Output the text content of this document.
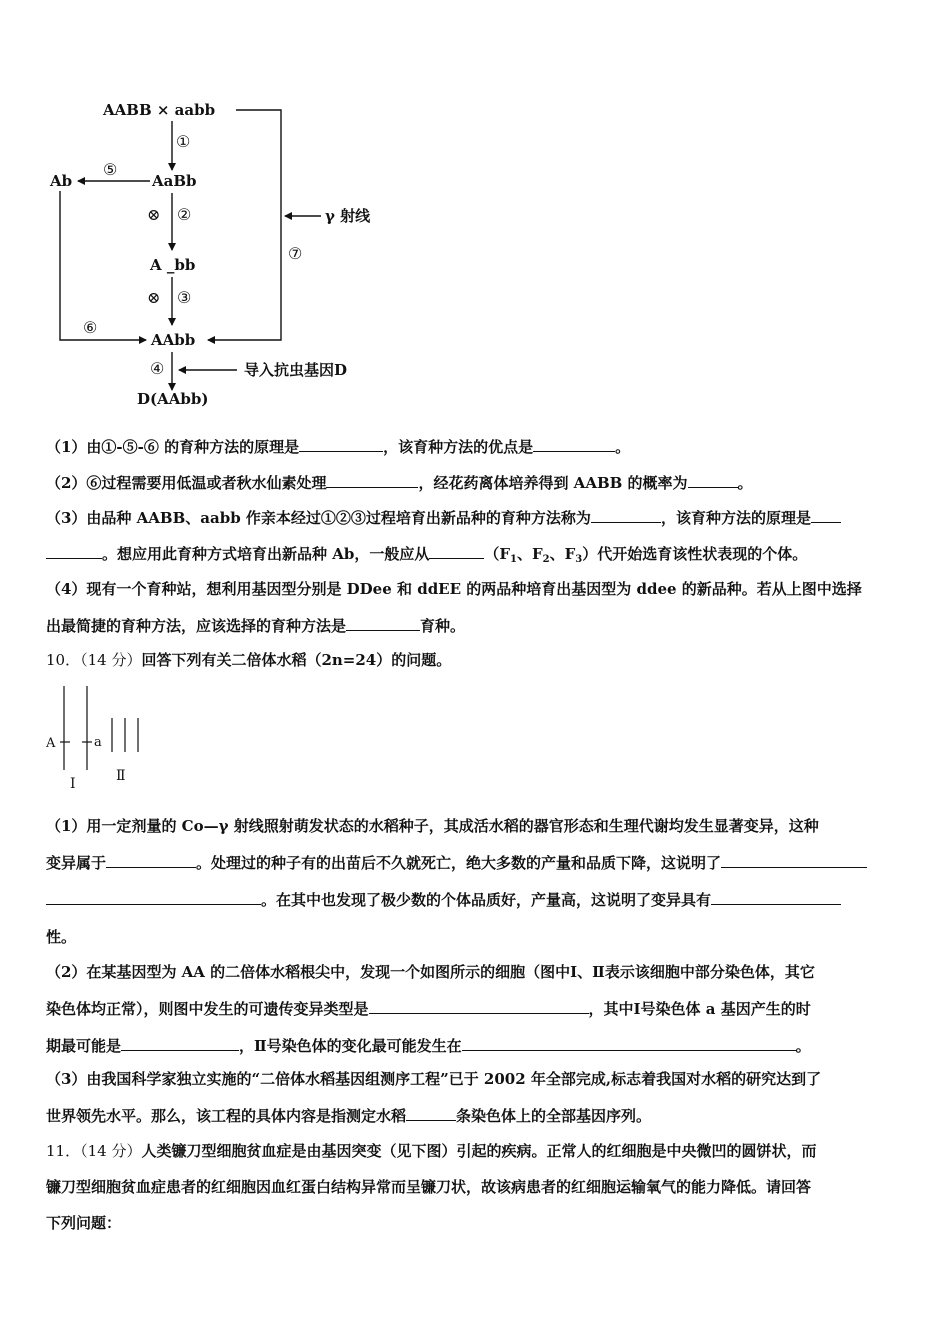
AABB × aabb
①
AaBb
⑤
Ab
⊗ ②
A _bb
⊗ ③
⑥
AAbb
⑦
γ 射线
④	导入抗虫基因D
D(AAbb)
（1）由①-⑤-⑥ 的育种方法的原理是	，该育种方法的优点是	。
（2）⑥过程需要用低温或者秋水仙素处理	，经花药离体培养得到 AABB 的概率为	。
（3）由品种 AABB、aabb 作亲本经过①②③过程培育出新品种的育种方法称为	，该育种方法的原理是
。想应用此育种方式培育出新品种 Ab，一般应从	（$F_1$、$F_2$、$F_3$）代开始选育该性状表现的个体。
（4）现有一个育种站，想利用基因型分别是 DDee 和 ddEE 的两品种培育出基因型为 ddee 的新品种。若从上图中选择
出最简捷的育种方法，应该选择的育种方法是	育种。
10．（14 分）回答下列有关二倍体水稻（2n=24）的问题。
A	a
Ⅰ	Ⅱ
（1）用一定剂量的 Co—γ 射线照射萌发状态的水稻种子，其成活水稻的器官形态和生理代谢均发生显著变异，这种
变异属于	。处理过的种子有的出苗后不久就死亡，绝大多数的产量和品质下降，这说明了
。在其中也发现了极少数的个体品质好，产量高，这说明了变异具有
性。
（2）在某基因型为 AA 的二倍体水稻根尖中，发现一个如图所示的细胞（图中Ⅰ、Ⅱ表示该细胞中部分染色体，其它
染色体均正常），则图中发生的可遗传变异类型是	，其中Ⅰ号染色体 a 基因产生的时
期最可能是	，Ⅱ号染色体的变化最可能发生在	。
（3）由我国科学家独立实施的“二倍体水稻基因组测序工程”已于 2002 年全部完成,标志着我国对水稻的研究达到了
世界领先水平。那么，该工程的具体内容是指测定水稻	条染色体上的全部基因序列。
11．（14 分）人类镰刀型细胞贫血症是由基因突变（见下图）引起的疾病。正常人的红细胞是中央微凹的圆饼状，而
镰刀型细胞贫血症患者的红细胞因血红蛋白结构异常而呈镰刀状，故该病患者的红细胞运输氧气的能力降低。请回答
下列问题：
